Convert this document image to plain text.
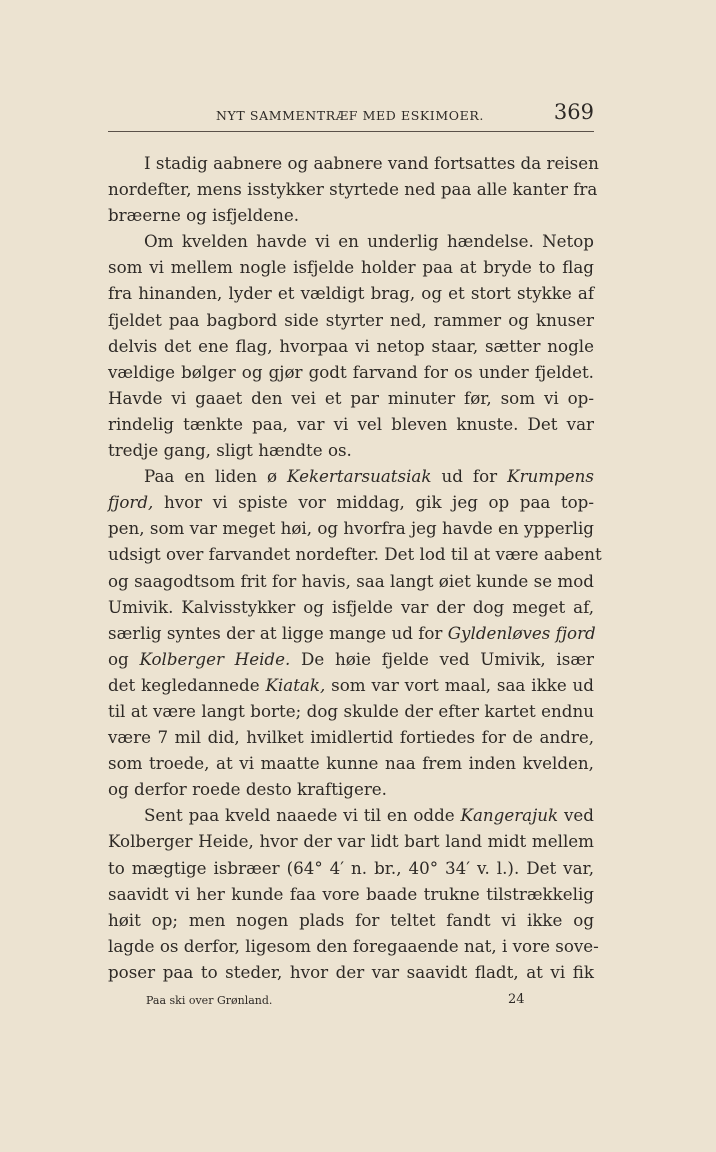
NYT SAMMENTRÆF MED ESKIMOER.	369
I stadig aabnere og aabnere vand fortsattes da reisen
nordefter, mens isstykker styrtede ned paa alle kanter fra
bræerne og isfjeldene.
Om kvelden havde vi en underlig hændelse. Netop
som vi mellem nogle isfjelde holder paa at bryde to flag
fra hinanden, lyder et vældigt brag, og et stort stykke af
fjeldet paa bagbord side styrter ned, rammer og knuser
delvis det ene flag, hvorpaa vi netop staar, sætter nogle
vældige bølger og gjør godt farvand for os under fjeldet.
Havde vi gaaet den vei et par minuter før, som vi op-
rindelig tænkte paa, var vi vel bleven knuste. Det var
tredje gang, sligt hændte os.
Paa en liden ø Kekertarsuatsiak ud for Krumpens
fjord, hvor vi spiste vor middag, gik jeg op paa top-
pen, som var meget høi, og hvorfra jeg havde en ypperlig
udsigt over farvandet nordefter. Det lod til at være aabent
og saagodtsom frit for havis, saa langt øiet kunde se mod
Umivik. Kalvisstykker og isfjelde var der dog meget af,
særlig syntes der at ligge mange ud for Gyldenløves fjord
og Kolberger Heide. De høie fjelde ved Umivik, især
det kegledannede Kiatak, som var vort maal, saa ikke ud
til at være langt borte; dog skulde der efter kartet endnu
være 7 mil did, hvilket imidlertid fortiedes for de andre,
som troede, at vi maatte kunne naa frem inden kvelden,
og derfor roede desto kraftigere.
Sent paa kveld naaede vi til en odde Kangerajuk ved
Kolberger Heide, hvor der var lidt bart land midt mellem
to mægtige isbræer (64° 4′ n. br., 40° 34′ v. l.). Det var,
saavidt vi her kunde faa vore baade trukne tilstrækkelig
høit op; men nogen plads for teltet fandt vi ikke og
lagde os derfor, ligesom den foregaaende nat, i vore sove-
poser paa to steder, hvor der var saavidt fladt, at vi fik
Paa ski over Grønland.	24
